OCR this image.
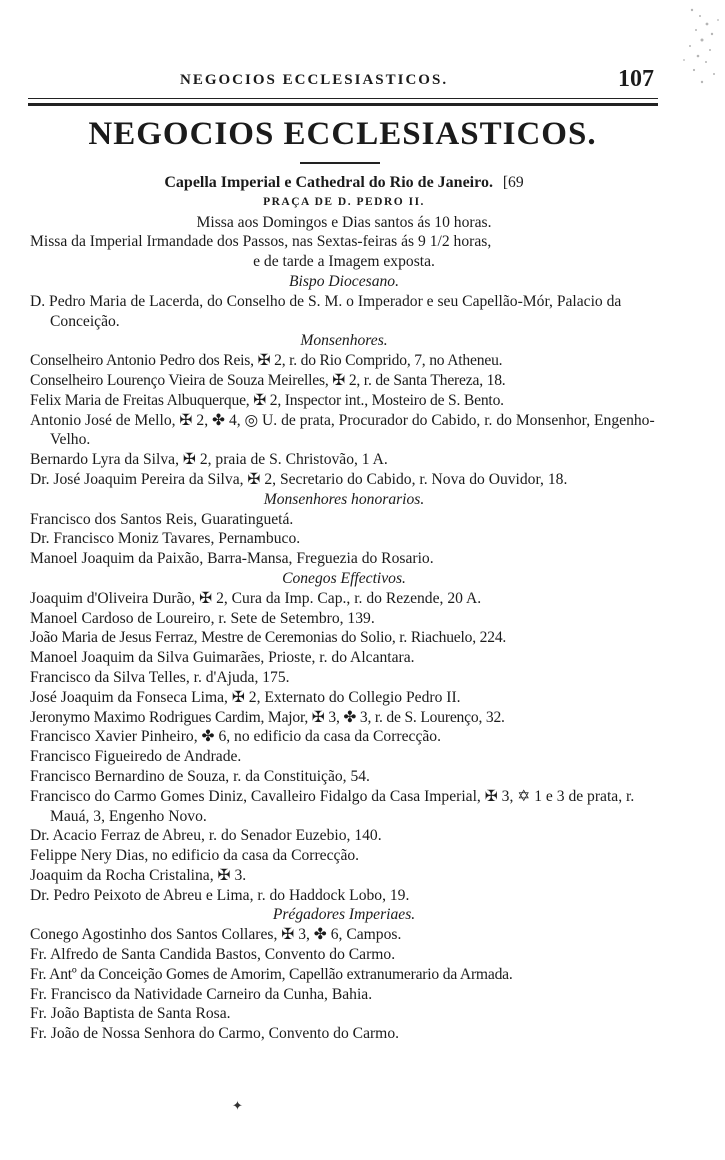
NEGOCIOS ECCLESIASTICOS.	107
NEGOCIOS ECCLESIASTICOS.
Capella Imperial e Cathedral do Rio de Janeiro. [69
PRAÇA DE D. PEDRO II.
Missa aos Domingos e Dias santos ás 10 horas.
Missa da Imperial Irmandade dos Passos, nas Sextas-feiras ás 9 1/2 horas,
e de tarde a Imagem exposta.
Bispo Diocesano.
D. Pedro Maria de Lacerda, do Conselho de S. M. o Imperador e seu Capellão-Mór, Palacio da Conceição.
Monsenhores.
Conselheiro Antonio Pedro dos Reis, ✠ 2, r. do Rio Comprido, 7, no Atheneu.
Conselheiro Lourenço Vieira de Souza Meirelles, ✠ 2, r. de Santa Thereza, 18.
Felix Maria de Freitas Albuquerque, ✠ 2, Inspector int., Mosteiro de S. Bento.
Antonio José de Mello, ✠ 2, ✤ 4, ◎ U. de prata, Procurador do Cabido, r. do Monsenhor, Engenho-Velho.
Bernardo Lyra da Silva, ✠ 2, praia de S. Christovão, 1 A.
Dr. José Joaquim Pereira da Silva, ✠ 2, Secretario do Cabido, r. Nova do Ouvidor, 18.
Monsenhores honorarios.
Francisco dos Santos Reis, Guaratinguetá.
Dr. Francisco Moniz Tavares, Pernambuco.
Manoel Joaquim da Paixão, Barra-Mansa, Freguezia do Rosario.
Conegos Effectivos.
Joaquim d'Oliveira Durão, ✠ 2, Cura da Imp. Cap., r. do Rezende, 20 A.
Manoel Cardoso de Loureiro, r. Sete de Setembro, 139.
João Maria de Jesus Ferraz, Mestre de Ceremonias do Solio, r. Riachuelo, 224.
Manoel Joaquim da Silva Guimarães, Prioste, r. do Alcantara.
Francisco da Silva Telles, r. d'Ajuda, 175.
José Joaquim da Fonseca Lima, ✠ 2, Externato do Collegio Pedro II.
Jeronymo Maximo Rodrigues Cardim, Major, ✠ 3, ✤ 3, r. de S. Lourenço, 32.
Francisco Xavier Pinheiro, ✤ 6, no edificio da casa da Correcção.
Francisco Figueiredo de Andrade.
Francisco Bernardino de Souza, r. da Constituição, 54.
Francisco do Carmo Gomes Diniz, Cavalleiro Fidalgo da Casa Imperial, ✠ 3, ✡ 1 e 3 de prata, r. Mauá, 3, Engenho Novo.
Dr. Acacio Ferraz de Abreu, r. do Senador Euzebio, 140.
Felippe Nery Dias, no edificio da casa da Correcção.
Joaquim da Rocha Cristalina, ✠ 3.
Dr. Pedro Peixoto de Abreu e Lima, r. do Haddock Lobo, 19.
Prégadores Imperiaes.
Conego Agostinho dos Santos Collares, ✠ 3, ✤ 6, Campos.
Fr. Alfredo de Santa Candida Bastos, Convento do Carmo.
Fr. Antº da Conceição Gomes de Amorim, Capellão extranumerario da Armada.
Fr. Francisco da Natividade Carneiro da Cunha, Bahia.
Fr. João Baptista de Santa Rosa.
Fr. João de Nossa Senhora do Carmo, Convento do Carmo.
✦
